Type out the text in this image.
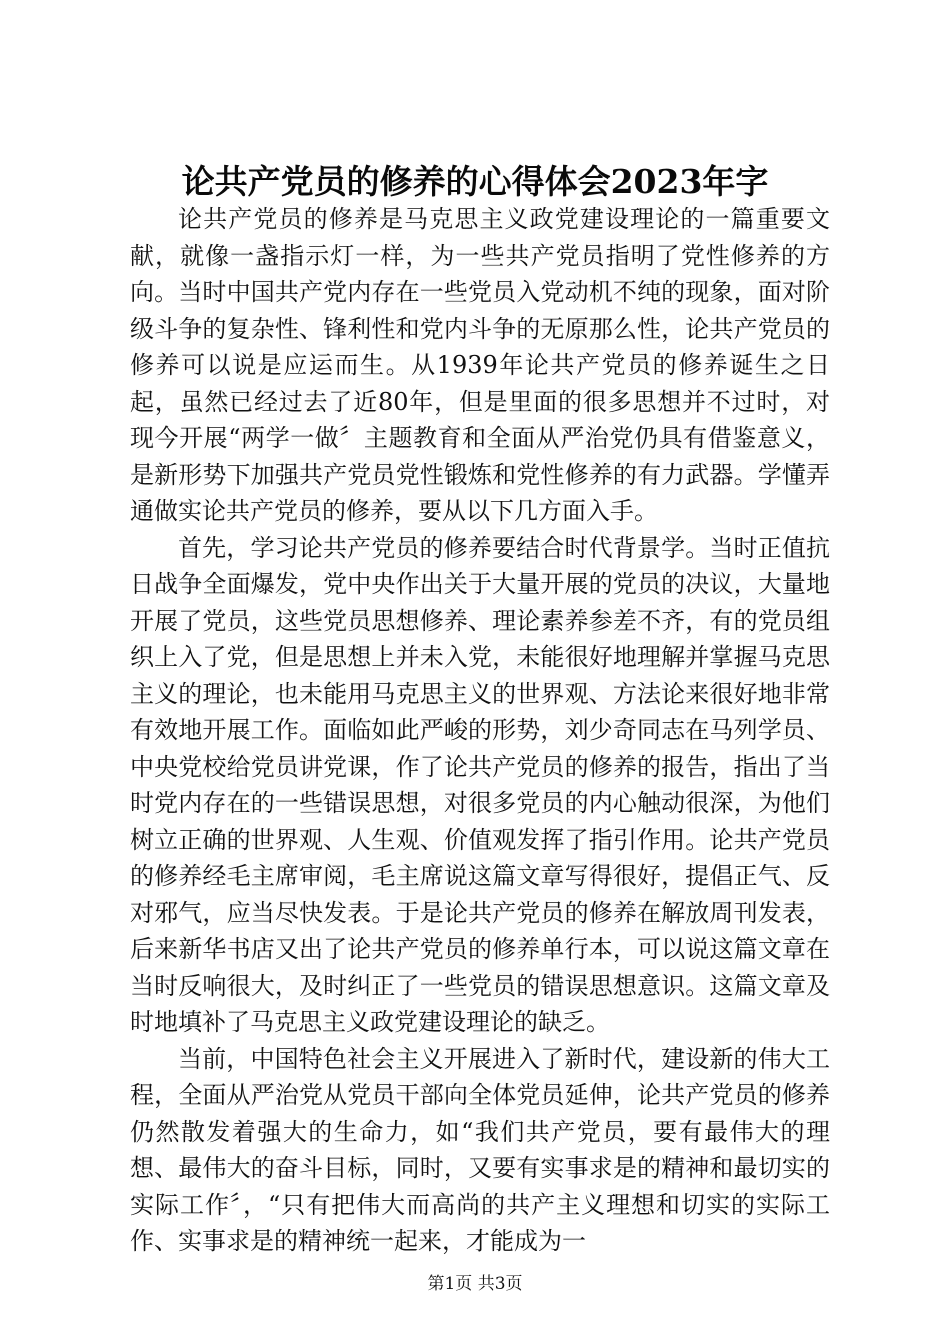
论共产党员的修养的心得体会2023年字

论共产党员的修养是马克思主义政党建设理论的一篇重要文献，就像一盏指示灯一样，为一些共产党员指明了党性修养的方向。当时中国共产党内存在一些党员入党动机不纯的现象，面对阶级斗争的复杂性、锋利性和党内斗争的无原那么性，论共产党员的修养可以说是应运而生。从1939年论共产党员的修养诞生之日起，虽然已经过去了近80年，但是里面的很多思想并不过时，对现今开展“两学一做〞主题教育和全面从严治党仍具有借鉴意义，是新形势下加强共产党员党性锻炼和党性修养的有力武器。学懂弄通做实论共产党员的修养，要从以下几方面入手。

首先，学习论共产党员的修养要结合时代背景学。当时正值抗日战争全面爆发，党中央作出关于大量开展的党员的决议，大量地开展了党员，这些党员思想修养、理论素养参差不齐，有的党员组织上入了党，但是思想上并未入党，未能很好地理解并掌握马克思主义的理论，也未能用马克思主义的世界观、方法论来很好地非常有效地开展工作。面临如此严峻的形势，刘少奇同志在马列学员、中央党校给党员讲党课，作了论共产党员的修养的报告，指出了当时党内存在的一些错误思想，对很多党员的内心触动很深，为他们树立正确的世界观、人生观、价值观发挥了指引作用。论共产党员的修养经毛主席审阅，毛主席说这篇文章写得很好，提倡正气、反对邪气，应当尽快发表。于是论共产党员的修养在解放周刊发表，后来新华书店又出了论共产党员的修养单行本，可以说这篇文章在当时反响很大，及时纠正了一些党员的错误思想意识。这篇文章及时地填补了马克思主义政党建设理论的缺乏。

当前，中国特色社会主义开展进入了新时代，建设新的伟大工程，全面从严治党从党员干部向全体党员延伸，论共产党员的修养仍然散发着强大的生命力，如“我们共产党员，要有最伟大的理想、最伟大的奋斗目标，同时，又要有实事求是的精神和最切实的实际工作〞，“只有把伟大而高尚的共产主义理想和切实的实际工作、实事求是的精神统一起来，才能成为一

第1页 共3页
